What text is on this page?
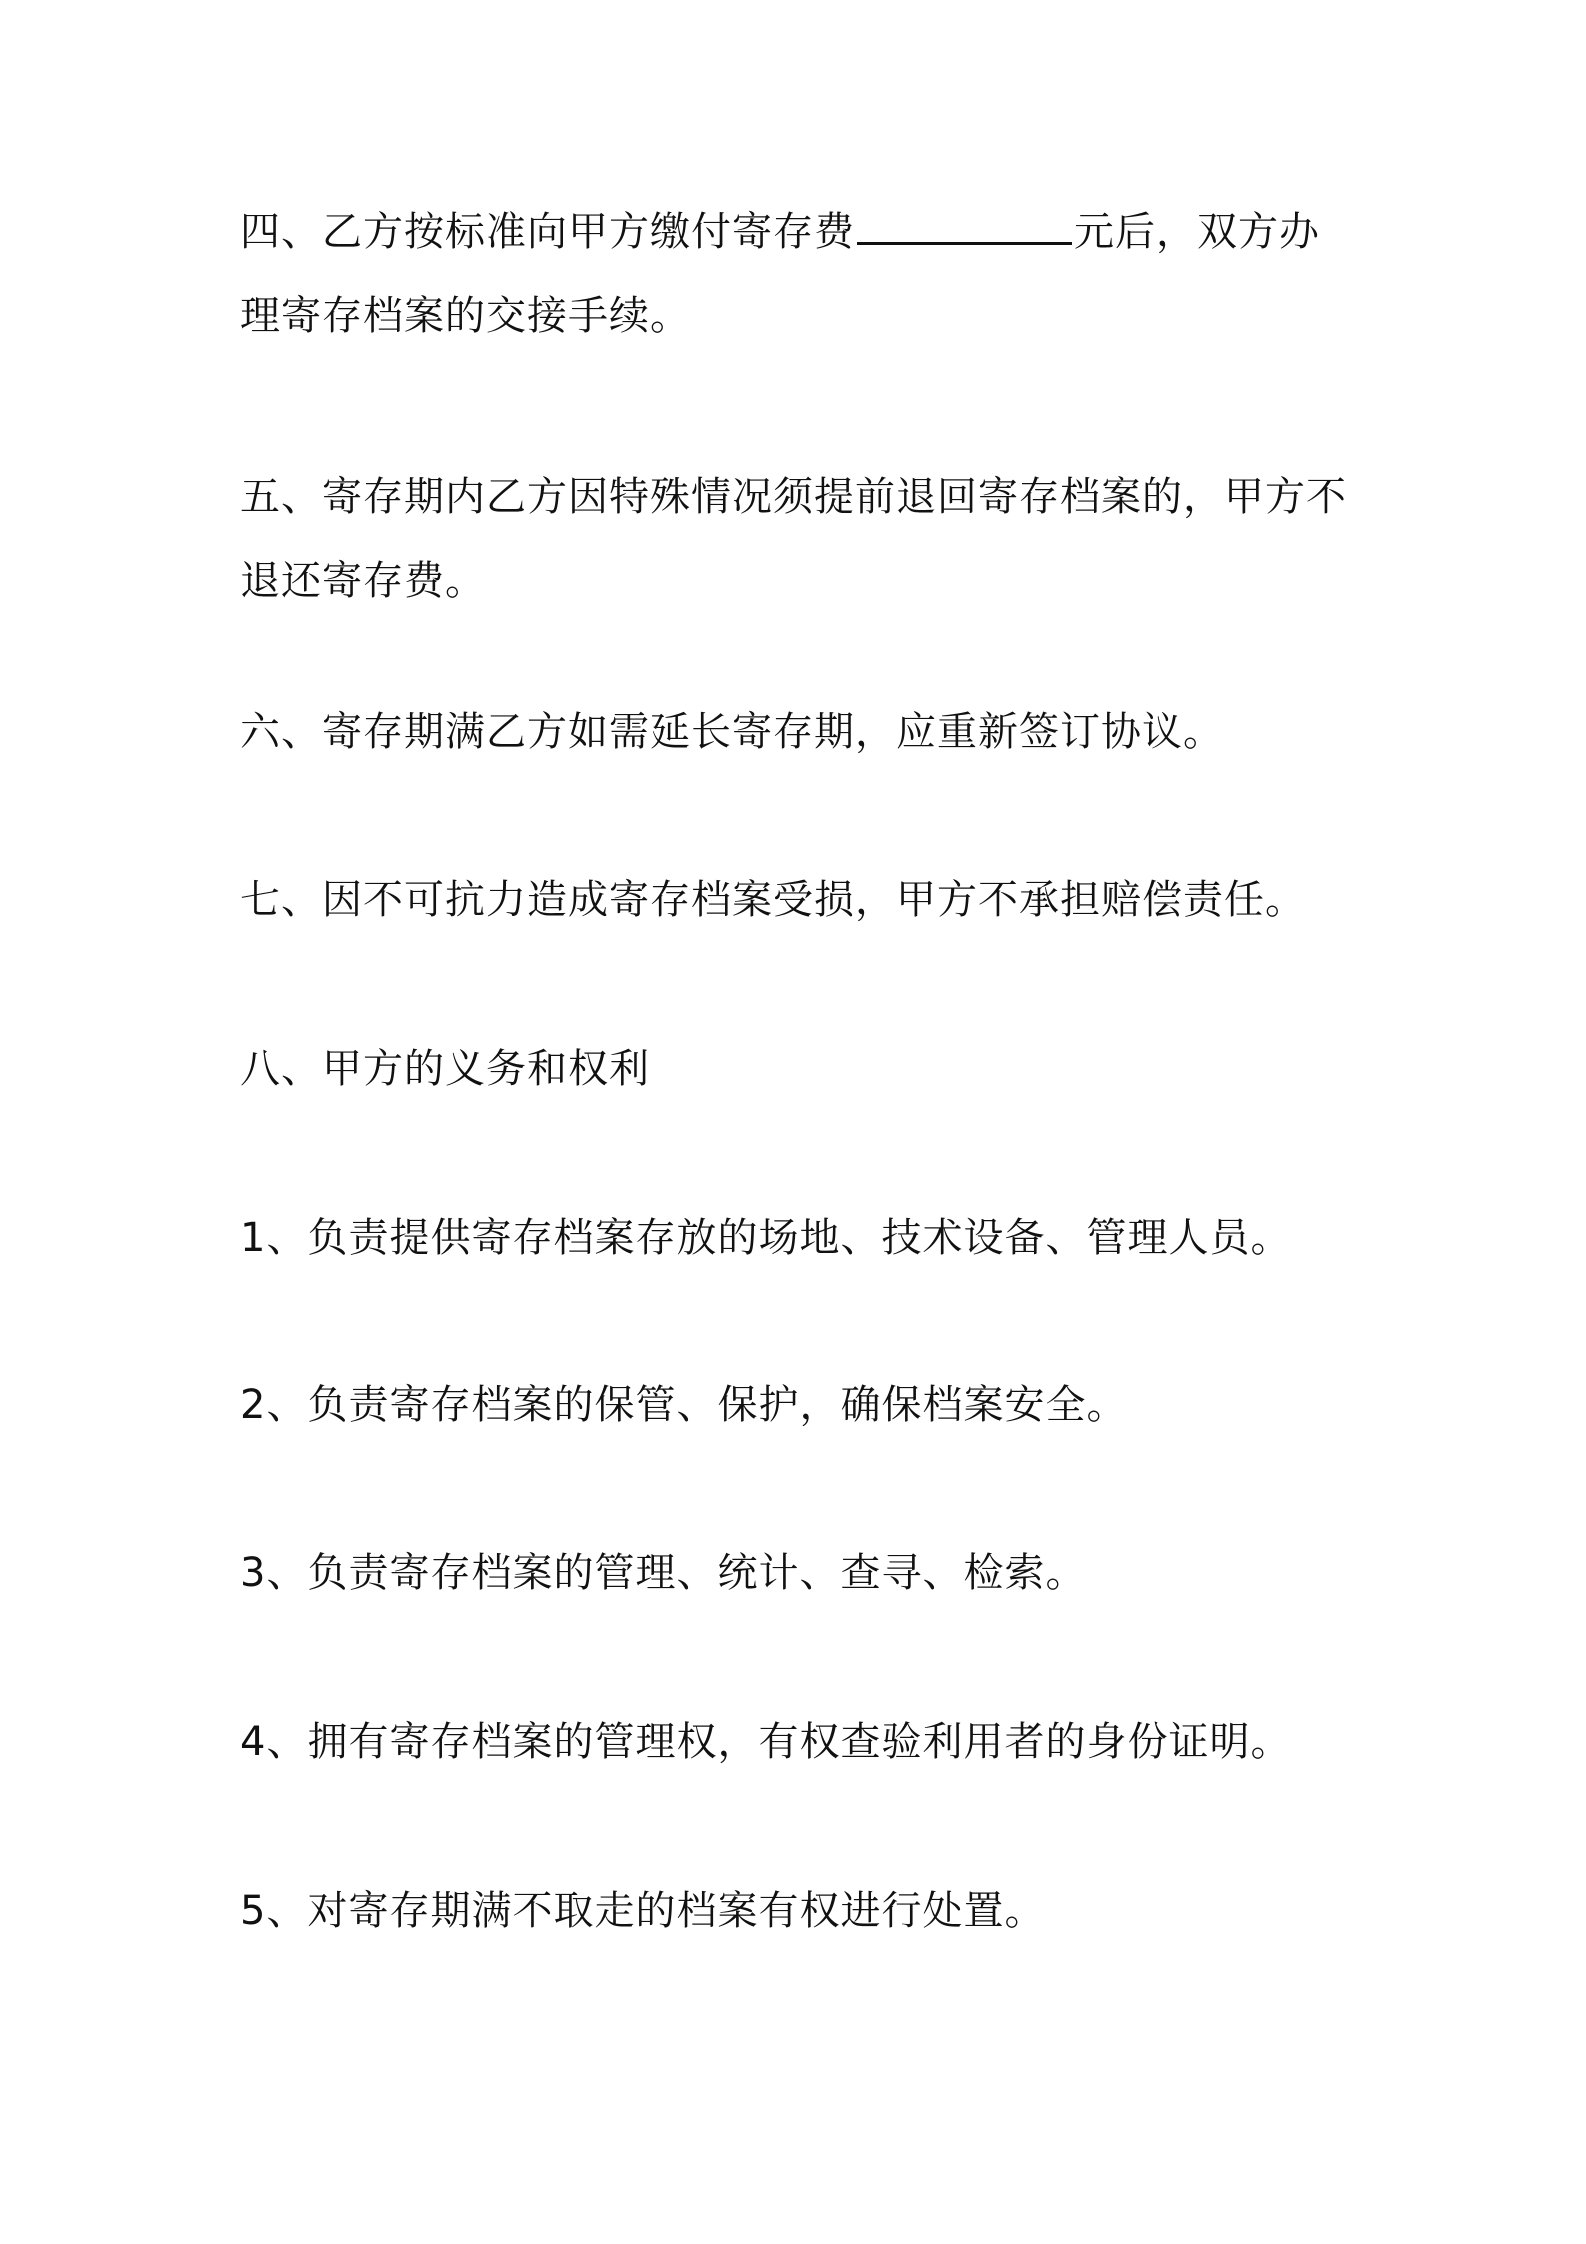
四、乙方按标准向甲方缴付寄存费	元后，双方办理寄存档案的交接手续。

五、寄存期内乙方因特殊情况须提前退回寄存档案的，甲方不退还寄存费。

六、寄存期满乙方如需延长寄存期，应重新签订协议。

七、因不可抗力造成寄存档案受损，甲方不承担赔偿责任。

八、甲方的义务和权利

1、负责提供寄存档案存放的场地、技术设备、管理人员。

2、负责寄存档案的保管、保护，确保档案安全。

3、负责寄存档案的管理、统计、查寻、检索。

4、拥有寄存档案的管理权，有权查验利用者的身份证明。

5、对寄存期满不取走的档案有权进行处置。
